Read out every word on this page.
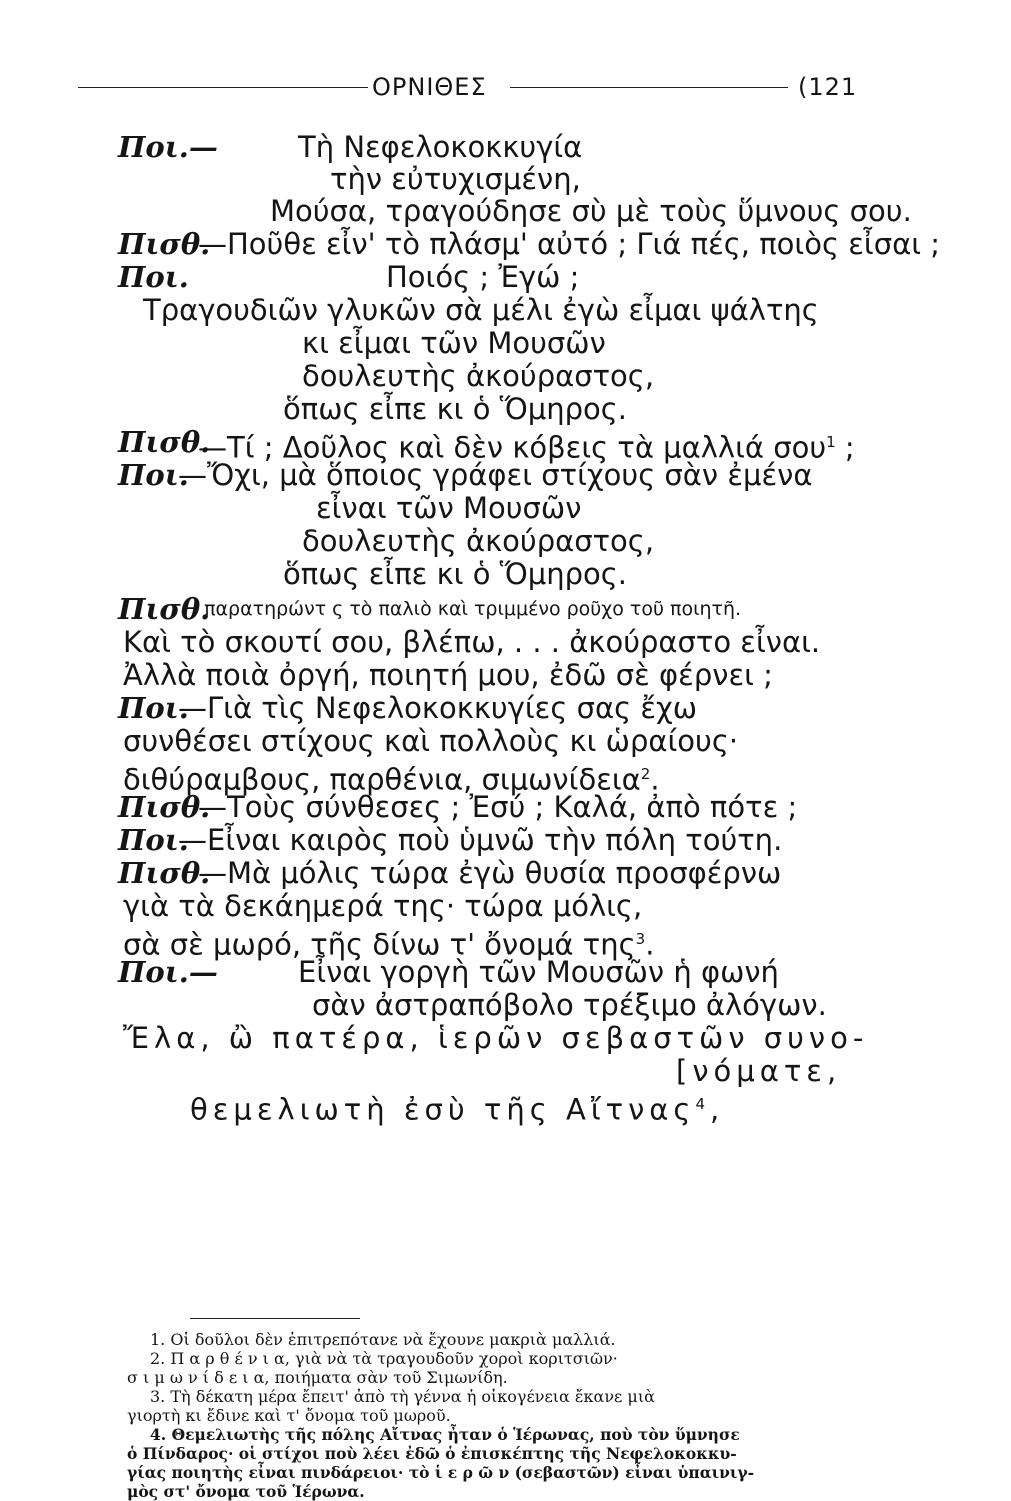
ΟΡΝΙΘΕΣ	(121
Ποι.—	Τὴ Νεφελοκοκκυγία
τὴν εὐτυχισμένη,
Μούσα, τραγούδησε σὺ μὲ τοὺς ὕμνους σου.
Πισθ.
—Ποῦθε εἶν' τὸ πλάσμ' αὐτό ; Γιά πές, ποιὸς εἶσαι ;
Ποι.	Ποιός ; Ἐγώ ;
Τραγουδιῶν γλυκῶν σὰ μέλι ἐγὼ εἶμαι ψάλτης
κι εἶμαι τῶν Μουσῶν
δουλευτὴς ἀκούραστος,
ὅπως εἶπε κι ὁ Ὅμηρος.
Πισθ.
—Τί ; Δοῦλος καὶ δὲν κόβεις τὰ μαλλιά σου$^1$ ;
Ποι.
—Ὄχι, μὰ ὅποιος γράφει στίχους σὰν ἐμένα
εἶναι τῶν Μουσῶν
δουλευτὴς ἀκούραστος,
ὅπως εἶπε κι ὁ Ὅμηρος.
Πισθ.
, παρατηρώντ ς τὸ παλιὸ καὶ τριμμένο ροῦχο τοῦ ποιητῆ.
Καὶ τὸ σκουτί σου, βλέπω, . . . ἀκούραστο εἶναι.
Ἀλλὰ ποιὰ ὀργή, ποιητή μου, ἐδῶ σὲ φέρνει ;
Ποι.
—Γιὰ τὶς Νεφελοκοκκυγίες σας ἔχω
συνθέσει στίχους καὶ πολλοὺς κι ὡραίους·
διθύραμβους, παρθένια, σιμωνίδεια$^2$.
Πισθ.
—Τοὺς σύνθεσες ; Ἐσύ ; Καλά, ἀπὸ πότε ;
Ποι.
—Εἶναι καιρὸς ποὺ ὑμνῶ τὴν πόλη τούτη.
Πισθ.
—Μὰ μόλις τώρα ἐγὼ θυσία προσφέρνω
γιὰ τὰ δεκάημερά της· τώρα μόλις,
σὰ σὲ μωρό, τῆς δίνω τ' ὄνομά της$^3$.
Ποι.—	Εἶναι γοργὴ τῶν Μουσῶν ἡ φωνή
σὰν ἀστραπόβολο τρέξιμο ἀλόγων.
Ἔλα, ὢ πατέρα, ἱερῶν σεβαστῶν συνο-
[νόματε,
θεμελιωτὴ ἐσὺ τῆς Αἴτνας$^4$,
1. Οἱ δοῦλοι δὲν ἐπιτρεπότανε νὰ ἔχουνε μακριὰ μαλλιά.
2. Π α ρ θ έ ν ι α, γιὰ νὰ τὰ τραγουδοῦν χοροὶ κοριτσιῶν·
σ ι μ ω ν ί δ ε ι α, ποιήματα σὰν τοῦ Σιμωνίδη.
3. Τὴ δέκατη μέρα ἔπειτ' ἀπὸ τὴ γέννα ἡ οἰκογένεια ἔκανε μιὰ
γιορτὴ κι ἔδινε καὶ τ' ὄνομα τοῦ μωροῦ.
4. Θεμελιωτὴς τῆς πόλης Αἴτνας ἦταν ὁ Ἱέρωνας, ποὺ τὸν ὕμνησε
ὁ Πίνδαρος· οἱ στίχοι ποὺ λέει ἐδῶ ὁ ἐπισκέπτης τῆς Νεφελοκοκκυ-
γίας ποιητὴς εἶναι πινδάρειοι· τὸ ἱ ε ρ ῶ ν (σεβαστῶν) εἶναι ὑπαινιγ-
μὸς στ' ὄνομα τοῦ Ἱέρωνα.
